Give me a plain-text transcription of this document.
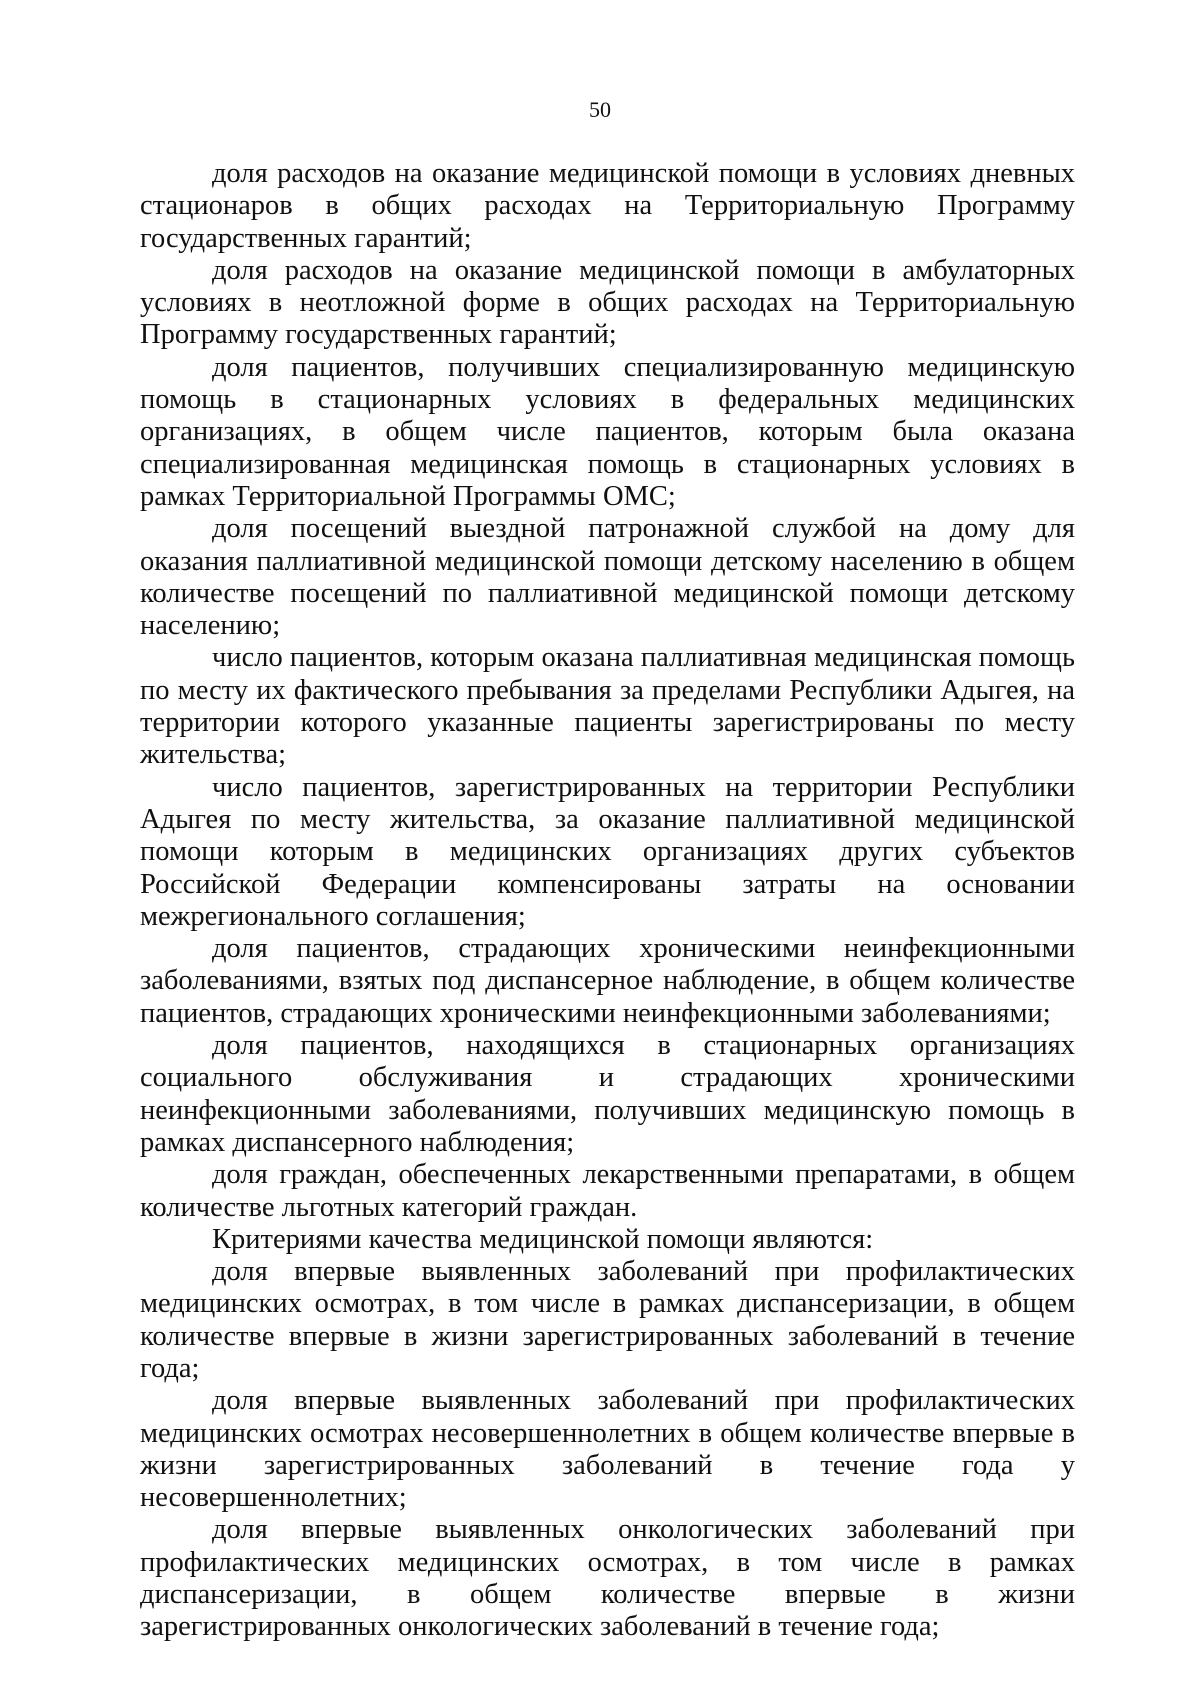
50

доля расходов на оказание медицинской помощи в условиях дневных стационаров в общих расходах на Территориальную Программу государственных гарантий;

доля расходов на оказание медицинской помощи в амбулаторных условиях в неотложной форме в общих расходах на Территориальную Программу государственных гарантий;

доля пациентов, получивших специализированную медицинскую помощь в стационарных условиях в федеральных медицинских организациях, в общем числе пациентов, которым была оказана специализированная медицинская помощь в стационарных условиях в рамках Территориальной Программы ОМС;

доля посещений выездной патронажной службой на дому для оказания паллиативной медицинской помощи детскому населению в общем количестве посещений по паллиативной медицинской помощи детскому населению;

число пациентов, которым оказана паллиативная медицинская помощь по месту их фактического пребывания за пределами Республики Адыгея, на территории которого указанные пациенты зарегистрированы по месту жительства;

число пациентов, зарегистрированных на территории Республики Адыгея по месту жительства, за оказание паллиативной медицинской помощи которым в медицинских организациях других субъектов Российской Федерации компенсированы затраты на основании межрегионального соглашения;

доля пациентов, страдающих хроническими неинфекционными заболеваниями, взятых под диспансерное наблюдение, в общем количестве пациентов, страдающих хроническими неинфекционными заболеваниями;

доля пациентов, находящихся в стационарных организациях социального обслуживания и страдающих хроническими неинфекционными заболеваниями, получивших медицинскую помощь в рамках диспансерного наблюдения;

доля граждан, обеспеченных лекарственными препаратами, в общем количестве льготных категорий граждан.

Критериями качества медицинской помощи являются:

доля впервые выявленных заболеваний при профилактических медицинских осмотрах, в том числе в рамках диспансеризации, в общем количестве впервые в жизни зарегистрированных заболеваний в течение года;

доля впервые выявленных заболеваний при профилактических медицинских осмотрах несовершеннолетних в общем количестве впервые в жизни зарегистрированных заболеваний в течение года у несовершеннолетних;

доля впервые выявленных онкологических заболеваний при профилактических медицинских осмотрах, в том числе в рамках диспансеризации, в общем количестве впервые в жизни зарегистрированных онкологических заболеваний в течение года;
